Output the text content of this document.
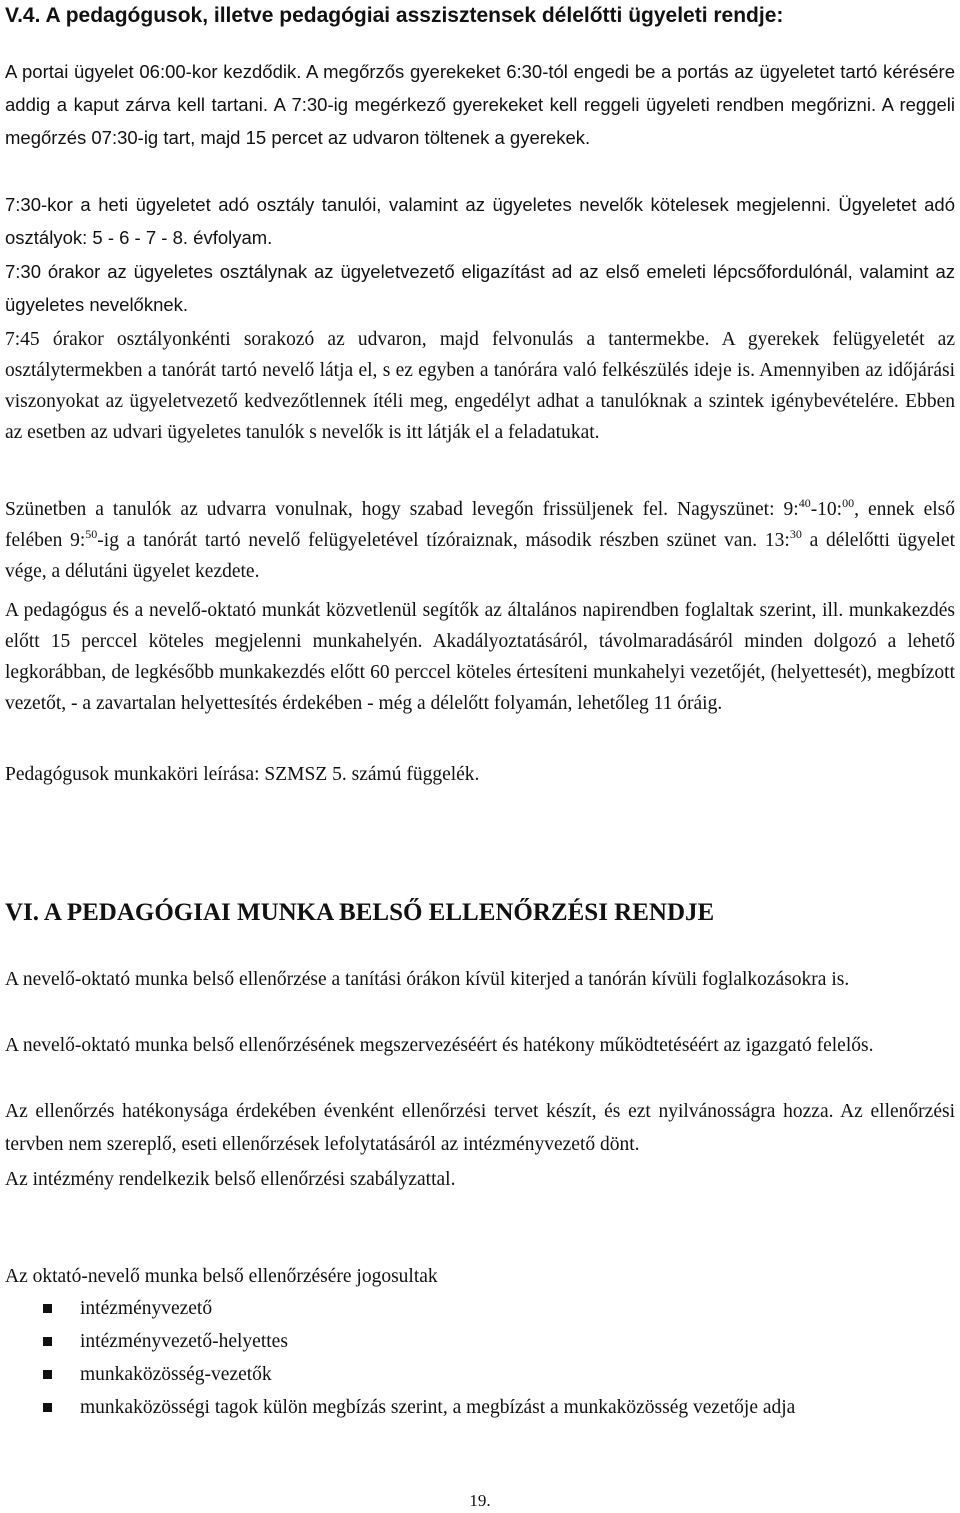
V.4. A pedagógusok, illetve pedagógiai asszisztensek délelőtti ügyeleti rendje:

A portai ügyelet 06:00-kor kezdődik. A megőrzős gyerekeket 6:30-tól engedi be a portás az ügyeletet tartó kérésére addig a kaput zárva kell tartani. A 7:30-ig megérkező gyerekeket kell reggeli ügyeleti rendben megőrizni. A reggeli megőrzés 07:30-ig tart, majd 15 percet az udvaron töltenek a gyerekek.

7:30-kor a heti ügyeletet adó osztály tanulói, valamint az ügyeletes nevelők kötelesek megjelenni. Ügyeletet adó osztályok: 5 - 6 - 7 - 8. évfolyam.

7:30 órakor az ügyeletes osztálynak az ügyeletvezető eligazítást ad az első emeleti lépcsőfordulónál, valamint az ügyeletes nevelőknek.

7:45 órakor osztályonkénti sorakozó az udvaron, majd felvonulás a tantermekbe. A gyerekek felügyeletét az osztálytermekben a tanórát tartó nevelő látja el, s ez egyben a tanórára való felkészülés ideje is. Amennyiben az időjárási viszonyokat az ügyeletvezető kedvezőtlennek ítéli meg, engedélyt adhat a tanulóknak a szintek igénybevételére. Ebben az esetben az udvari ügyeletes tanulók s nevelők is itt látják el a feladatukat.

Szünetben a tanulók az udvarra vonulnak, hogy szabad levegőn frissüljenek fel. Nagyszünet: 9:$^{40}$-10:$^{00}$, ennek első felében 9:$^{50}$-ig a tanórát tartó nevelő felügyeletével tízóraiznak, második részben szünet van. 13:$^{30}$ a délelőtti ügyelet vége, a délutáni ügyelet kezdete.

A pedagógus és a nevelő-oktató munkát közvetlenül segítők az általános napirendben foglaltak szerint, ill. munkakezdés előtt 15 perccel köteles megjelenni munkahelyén. Akadályoztatásáról, távolmaradásáról minden dolgozó a lehető legkorábban, de legkésőbb munkakezdés előtt 60 perccel köteles értesíteni munkahelyi vezetőjét, (helyettesét), megbízott vezetőt, - a zavartalan helyettesítés érdekében - még a délelőtt folyamán, lehetőleg 11 óráig.

Pedagógusok munkaköri leírása: SZMSZ 5. számú függelék.

VI. A PEDAGÓGIAI MUNKA BELSŐ ELLENŐRZÉSI RENDJE

A nevelő-oktató munka belső ellenőrzése a tanítási órákon kívül kiterjed a tanórán kívüli foglalkozásokra is.

A nevelő-oktató munka belső ellenőrzésének megszervezéséért és hatékony működtetéséért az igazgató felelős.

Az ellenőrzés hatékonysága érdekében évenként ellenőrzési tervet készít, és ezt nyilvánosságra hozza. Az ellenőrzési tervben nem szereplő, eseti ellenőrzések lefolytatásáról az intézményvezető dönt.

Az intézmény rendelkezik belső ellenőrzési szabályzattal.

Az oktató-nevelő munka belső ellenőrzésére jogosultak

intézményvezető
intézményvezető-helyettes
munkaközösség-vezetők
munkaközösségi tagok külön megbízás szerint, a megbízást a munkaközösség vezetője adja
19.
